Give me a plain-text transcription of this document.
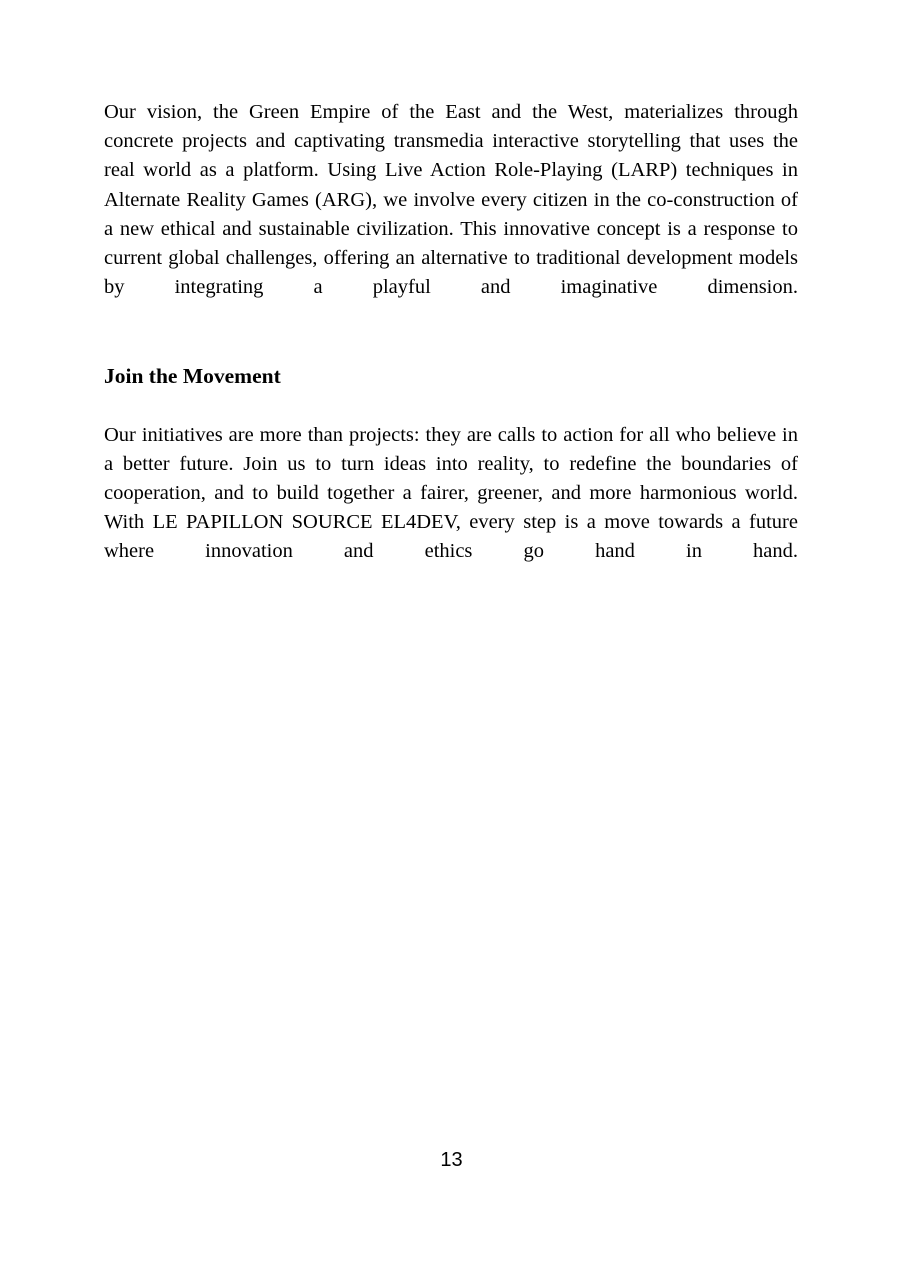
Our vision, the Green Empire of the East and the West, materializes through concrete projects and captivating transmedia interactive storytelling that uses the real world as a platform. Using Live Action Role-Playing (LARP) techniques in Alternate Reality Games (ARG), we involve every citizen in the co-construction of a new ethical and sustainable civilization. This innovative concept is a response to current global challenges, offering an alternative to traditional development models by integrating a playful and imaginative dimension.

Join the Movement

Our initiatives are more than projects: they are calls to action for all who believe in a better future. Join us to turn ideas into reality, to redefine the boundaries of cooperation, and to build together a fairer, greener, and more harmonious world. With LE PAPILLON SOURCE EL4DEV, every step is a move towards a future where innovation and ethics go hand in hand.

13
